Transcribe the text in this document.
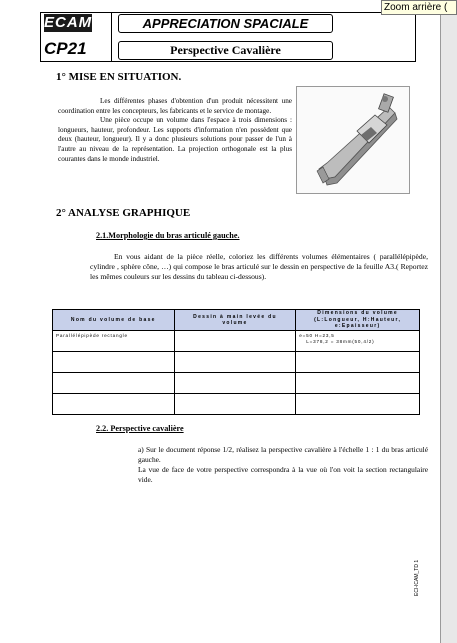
Zoom arrière (
ECAM
CP21
APPRECIATION SPACIALE
Perspective Cavalière
1° MISE EN SITUATION.

Les différentes phases d'obtention d'un produit nécessitent une coordination entre les concepteurs, les fabricants et le service de montage.

Une pièce occupe un volume dans l'espace à trois dimensions : longueurs, hauteur, profondeur. Les supports d'information n'en possèdent que deux (hauteur, longueur). Il y a donc plusieurs solutions pour passer de l'un à l'autre au niveau de la représentation. La projection orthogonale est la plus courantes dans le monde industriel.

2° ANALYSE GRAPHIQUE
2.1.Morphologie du bras articulé gauche.

En vous aidant de la pièce réelle, coloriez les différents volumes élémentaires ( parallélépipède, cylindre , sphère cône, …) qui compose le bras articulé sur le dessin en perspective de la feuille A3.( Reportez les mêmes couleurs sur les dessins du tableau ci-dessous).

Nom du volume de base	Dessin à main levée du volume	Dimensions du volume (L:Longueur, H:Hauteur, e:Epaisseur)

Parallélépipède rectangle		e=50 H=23,5
L=378,2 = 38mm(50,4/2)

2.2. Perspective cavalière

a) Sur le document réponse 1/2, réalisez la perspective cavalière à l'échelle 1 : 1 du bras articulé gauche.

La vue de face de votre perspective correspondra à la vue où l'on voit la section rectangulaire vide.

ECI-ICAM_TD 1
